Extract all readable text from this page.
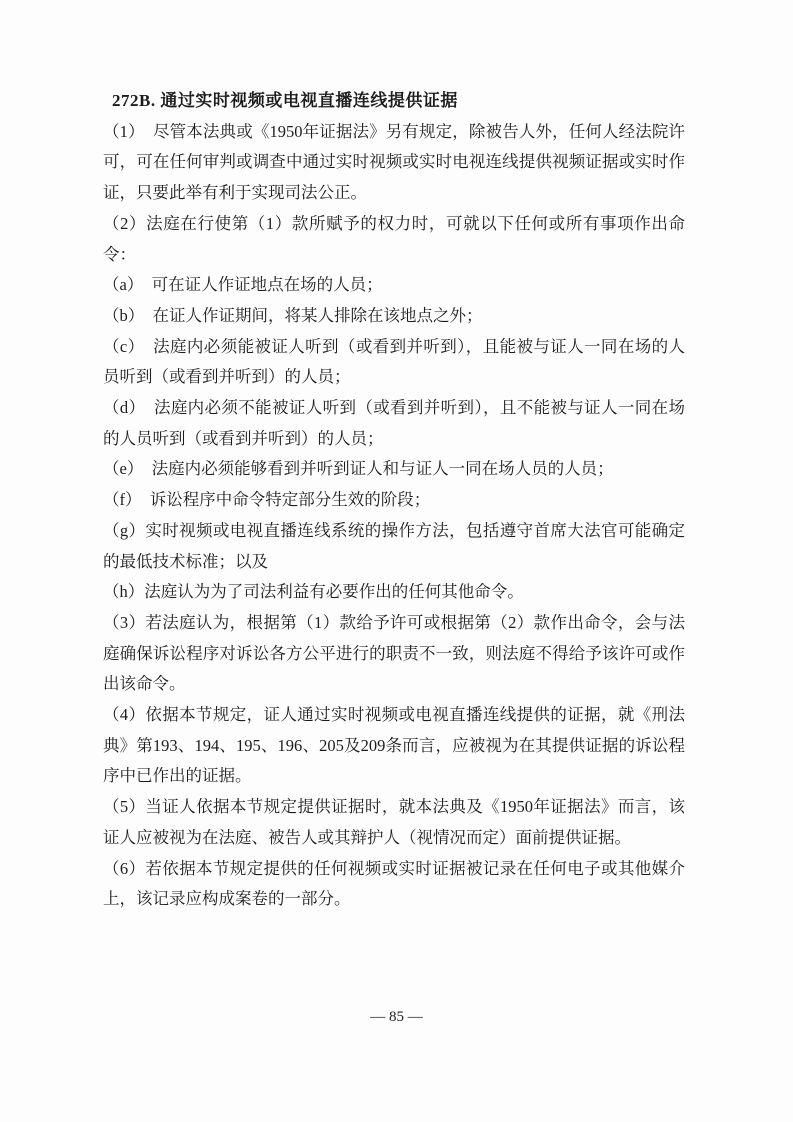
272B. 通过实时视频或电视直播连线提供证据

（1）　尽管本法典或《1950年证据法》另有规定，除被告人外，任何人经法院许可，可在任何审判或调查中通过实时视频或实时电视连线提供视频证据或实时作证，只要此举有利于实现司法公正。

（2）法庭在行使第（1）款所赋予的权力时，可就以下任何或所有事项作出命令：

（a）　可在证人作证地点在场的人员；

（b）　在证人作证期间，将某人排除在该地点之外；

（c）　法庭内必须能被证人听到（或看到并听到），且能被与证人一同在场的人员听到（或看到并听到）的人员；

（d）　法庭内必须不能被证人听到（或看到并听到），且不能被与证人一同在场的人员听到（或看到并听到）的人员；

（e）　法庭内必须能够看到并听到证人和与证人一同在场人员的人员；

（f）　诉讼程序中命令特定部分生效的阶段；

（g）实时视频或电视直播连线系统的操作方法，包括遵守首席大法官可能确定的最低技术标准；以及

（h）法庭认为为了司法利益有必要作出的任何其他命令。

（3）若法庭认为，根据第（1）款给予许可或根据第（2）款作出命令，会与法庭确保诉讼程序对诉讼各方公平进行的职责不一致，则法庭不得给予该许可或作出该命令。

（4）依据本节规定，证人通过实时视频或电视直播连线提供的证据，就《刑法典》第193、194、195、196、205及209条而言，应被视为在其提供证据的诉讼程序中已作出的证据。

（5）当证人依据本节规定提供证据时，就本法典及《1950年证据法》而言，该证人应被视为在法庭、被告人或其辩护人（视情况而定）面前提供证据。

（6）若依据本节规定提供的任何视频或实时证据被记录在任何电子或其他媒介上，该记录应构成案卷的一部分。

— 85 —
